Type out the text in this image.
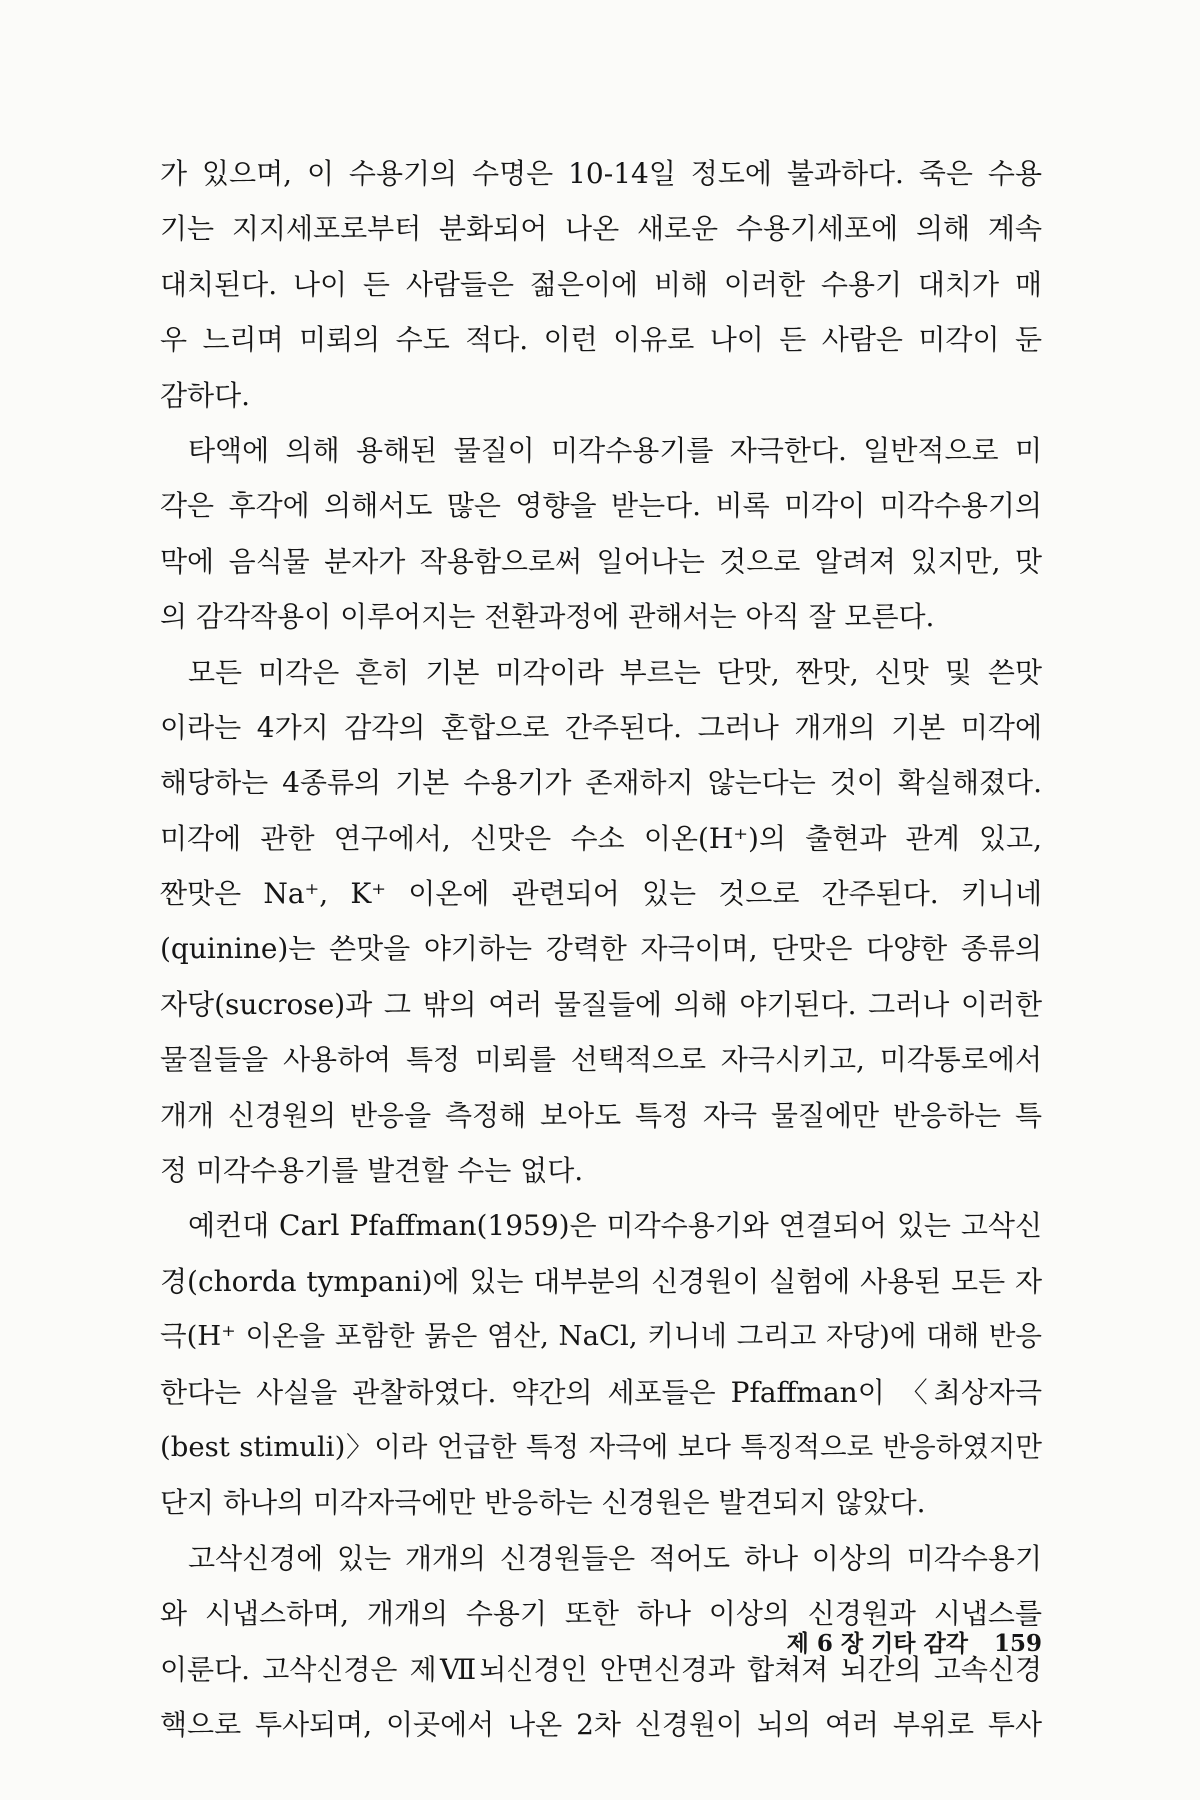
가 있으며, 이 수용기의 수명은 10-14일 정도에 불과하다. 죽은 수용
기는 지지세포로부터 분화되어 나온 새로운 수용기세포에 의해 계속
대치된다. 나이 든 사람들은 젊은이에 비해 이러한 수용기 대치가 매
우 느리며 미뢰의 수도 적다. 이런 이유로 나이 든 사람은 미각이 둔
감하다.
타액에 의해 용해된 물질이 미각수용기를 자극한다. 일반적으로 미
각은 후각에 의해서도 많은 영향을 받는다. 비록 미각이 미각수용기의
막에 음식물 분자가 작용함으로써 일어나는 것으로 알려져 있지만, 맛
의 감각작용이 이루어지는 전환과정에 관해서는 아직 잘 모른다.
모든 미각은 흔히 기본 미각이라 부르는 단맛, 짠맛, 신맛 및 쓴맛
이라는 4가지 감각의 혼합으로 간주된다. 그러나 개개의 기본 미각에
해당하는 4종류의 기본 수용기가 존재하지 않는다는 것이 확실해졌다.
미각에 관한 연구에서, 신맛은 수소 이온(H⁺)의 출현과 관계 있고,
짠맛은 Na⁺, K⁺ 이온에 관련되어 있는 것으로 간주된다. 키니네
(quinine)는 쓴맛을 야기하는 강력한 자극이며, 단맛은 다양한 종류의
자당(sucrose)과 그 밖의 여러 물질들에 의해 야기된다. 그러나 이러한
물질들을 사용하여 특정 미뢰를 선택적으로 자극시키고, 미각통로에서
개개 신경원의 반응을 측정해 보아도 특정 자극 물질에만 반응하는 특
정 미각수용기를 발견할 수는 없다.
예컨대 Carl Pfaffman(1959)은 미각수용기와 연결되어 있는 고삭신
경(chorda tympani)에 있는 대부분의 신경원이 실험에 사용된 모든 자
극(H⁺ 이온을 포함한 묽은 염산, NaCl, 키니네 그리고 자당)에 대해 반응
한다는 사실을 관찰하였다. 약간의 세포들은 Pfaffman이 〈최상자극
(best stimuli)〉이라 언급한 특정 자극에 보다 특징적으로 반응하였지만
단지 하나의 미각자극에만 반응하는 신경원은 발견되지 않았다.
고삭신경에 있는 개개의 신경원들은 적어도 하나 이상의 미각수용기
와 시냅스하며, 개개의 수용기 또한 하나 이상의 신경원과 시냅스를
이룬다. 고삭신경은 제Ⅶ뇌신경인 안면신경과 합쳐져 뇌간의 고속신경
핵으로 투사되며, 이곳에서 나온 2차 신경원이 뇌의 여러 부위로 투사
제 6 장 기타 감각 159
